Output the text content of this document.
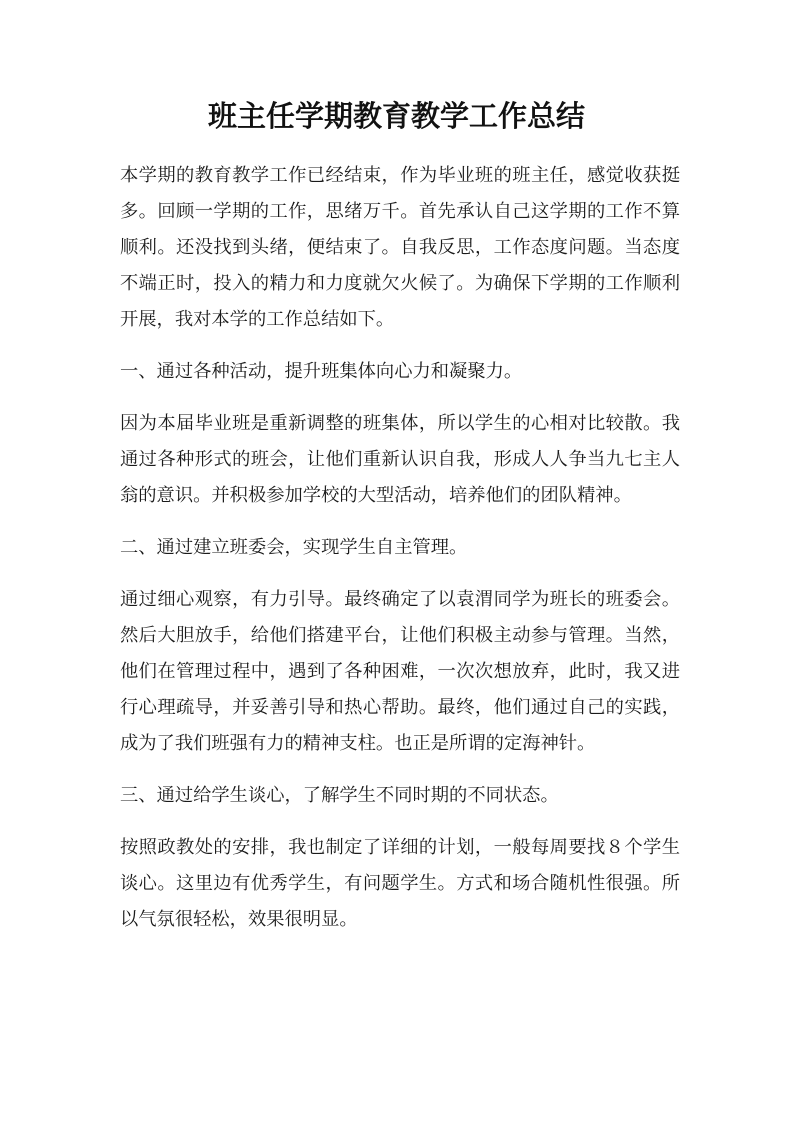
班主任学期教育教学工作总结

本学期的教育教学工作已经结束，作为毕业班的班主任，感觉收获挺多。回顾一学期的工作，思绪万千。首先承认自己这学期的工作不算顺利。还没找到头绪，便结束了。自我反思，工作态度问题。当态度不端正时，投入的精力和力度就欠火候了。为确保下学期的工作顺利开展，我对本学的工作总结如下。

一、通过各种活动，提升班集体向心力和凝聚力。

因为本届毕业班是重新调整的班集体，所以学生的心相对比较散。我通过各种形式的班会，让他们重新认识自我，形成人人争当九七主人翁的意识。并积极参加学校的大型活动，培养他们的团队精神。

二、通过建立班委会，实现学生自主管理。

通过细心观察，有力引导。最终确定了以袁渭同学为班长的班委会。然后大胆放手，给他们搭建平台，让他们积极主动参与管理。当然，他们在管理过程中，遇到了各种困难，一次次想放弃，此时，我又进行心理疏导，并妥善引导和热心帮助。最终，他们通过自己的实践，成为了我们班强有力的精神支柱。也正是所谓的定海神针。

三、通过给学生谈心，了解学生不同时期的不同状态。

按照政教处的安排，我也制定了详细的计划，一般每周要找８个学生谈心。这里边有优秀学生，有问题学生。方式和场合随机性很强。所以气氛很轻松，效果很明显。
